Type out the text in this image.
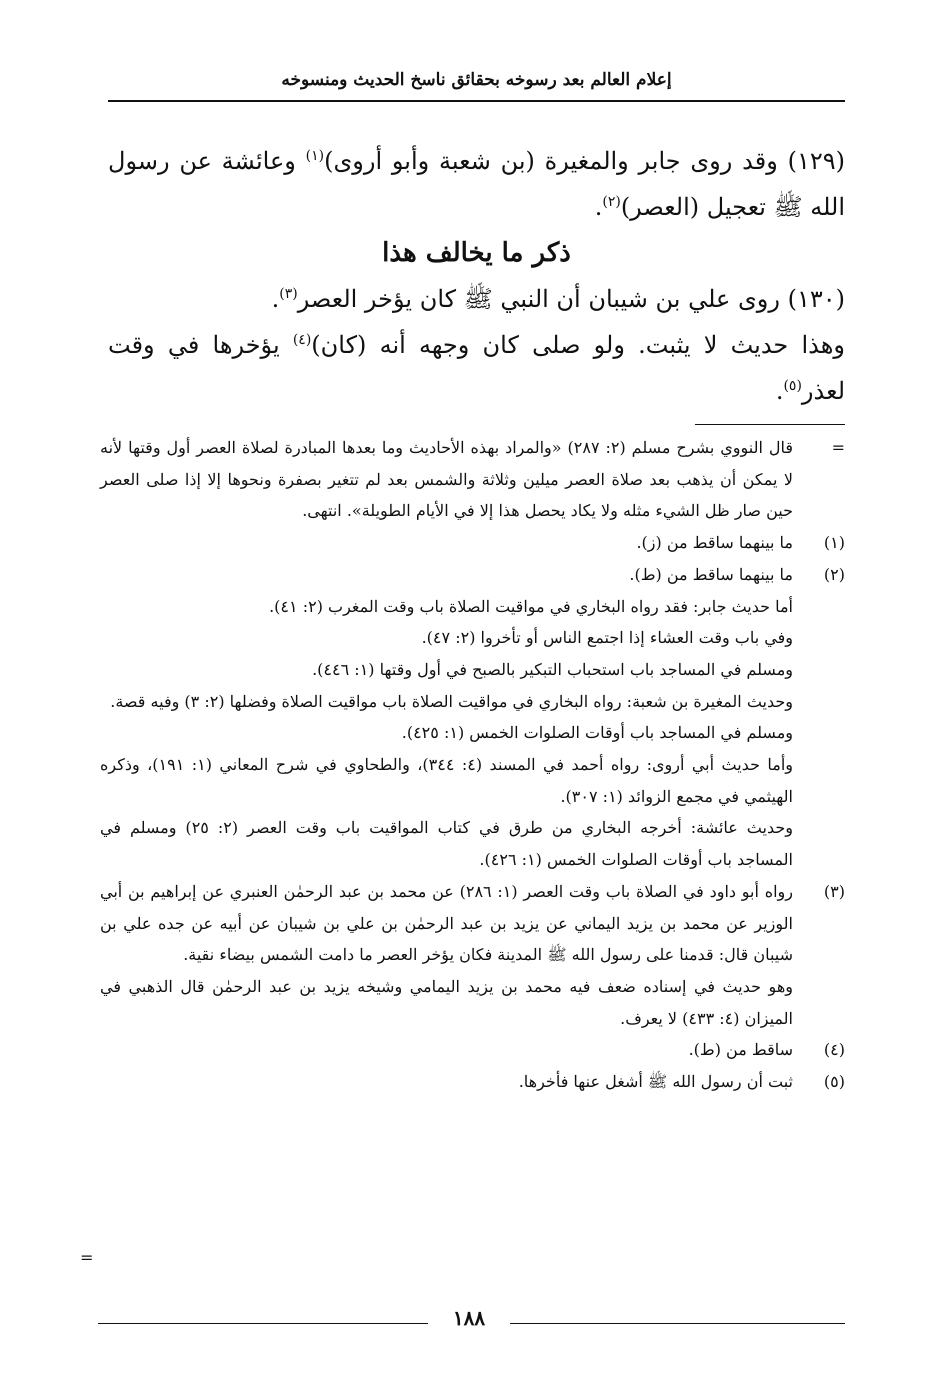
إعلام العالم بعد رسوخه بحقائق ناسخ الحديث ومنسوخه

(١٢٩) وقد روى جابر والمغيرة (بن شعبة وأبو أروى)$^{(١)}$ وعائشة عن رسول الله ﷺ تعجيل (العصر)$^{(٢)}$.

ذكر ما يخالف هذا

(١٣٠) روى علي بن شيبان أن النبي ﷺ كان يؤخر العصر$^{(٣)}$.

وهذا حديث لا يثبت. ولو صلى كان وجهه أنه (كان)$^{(٤)}$ يؤخرها في وقت لعذر$^{(٥)}$.

=
قال النووي بشرح مسلم (٢: ٢٨٧) «والمراد بهذه الأحاديث وما بعدها المبادرة لصلاة العصر أول وقتها لأنه لا يمكن أن يذهب بعد صلاة العصر ميلين وثلاثة والشمس بعد لم تتغير بصفرة ونحوها إلا إذا صلى العصر حين صار ظل الشيء مثله ولا يكاد يحصل هذا إلا في الأيام الطويلة». انتهى.
(١)
ما بينهما ساقط من (ز).
(٢)
ما بينهما ساقط من (ط).
أما حديث جابر: فقد رواه البخاري في مواقيت الصلاة باب وقت المغرب (٢: ٤١).
وفي باب وقت العشاء إذا اجتمع الناس أو تأخروا (٢: ٤٧).
ومسلم في المساجد باب استحباب التبكير بالصبح في أول وقتها (١: ٤٤٦).
وحديث المغيرة بن شعبة: رواه البخاري في مواقيت الصلاة باب مواقيت الصلاة وفضلها (٢: ٣) وفيه قصة.
ومسلم في المساجد باب أوقات الصلوات الخمس (١: ٤٢٥).
وأما حديث أبي أروى: رواه أحمد في المسند (٤: ٣٤٤)، والطحاوي في شرح المعاني (١: ١٩١)، وذكره الهيثمي في مجمع الزوائد (١: ٣٠٧).
وحديث عائشة: أخرجه البخاري من طرق في كتاب المواقيت باب وقت العصر (٢: ٢٥) ومسلم في المساجد باب أوقات الصلوات الخمس (١: ٤٢٦).
(٣)
رواه أبو داود في الصلاة باب وقت العصر (١: ٢٨٦) عن محمد بن عبد الرحمٰن العنبري عن إبراهيم بن أبي الوزير عن محمد بن يزيد اليماني عن يزيد بن عبد الرحمٰن بن علي بن شيبان عن أبيه عن جده علي بن شيبان قال: قدمنا على رسول الله ﷺ المدينة فكان يؤخر العصر ما دامت الشمس بيضاء نقية.
وهو حديث في إسناده ضعف فيه محمد بن يزيد اليمامي وشيخه يزيد بن عبد الرحمٰن قال الذهبي في الميزان (٤: ٤٣٣) لا يعرف.
(٤)
ساقط من (ط).
(٥)
ثبت أن رسول الله ﷺ أشغل عنها فأخرها.
=
١٨٨
